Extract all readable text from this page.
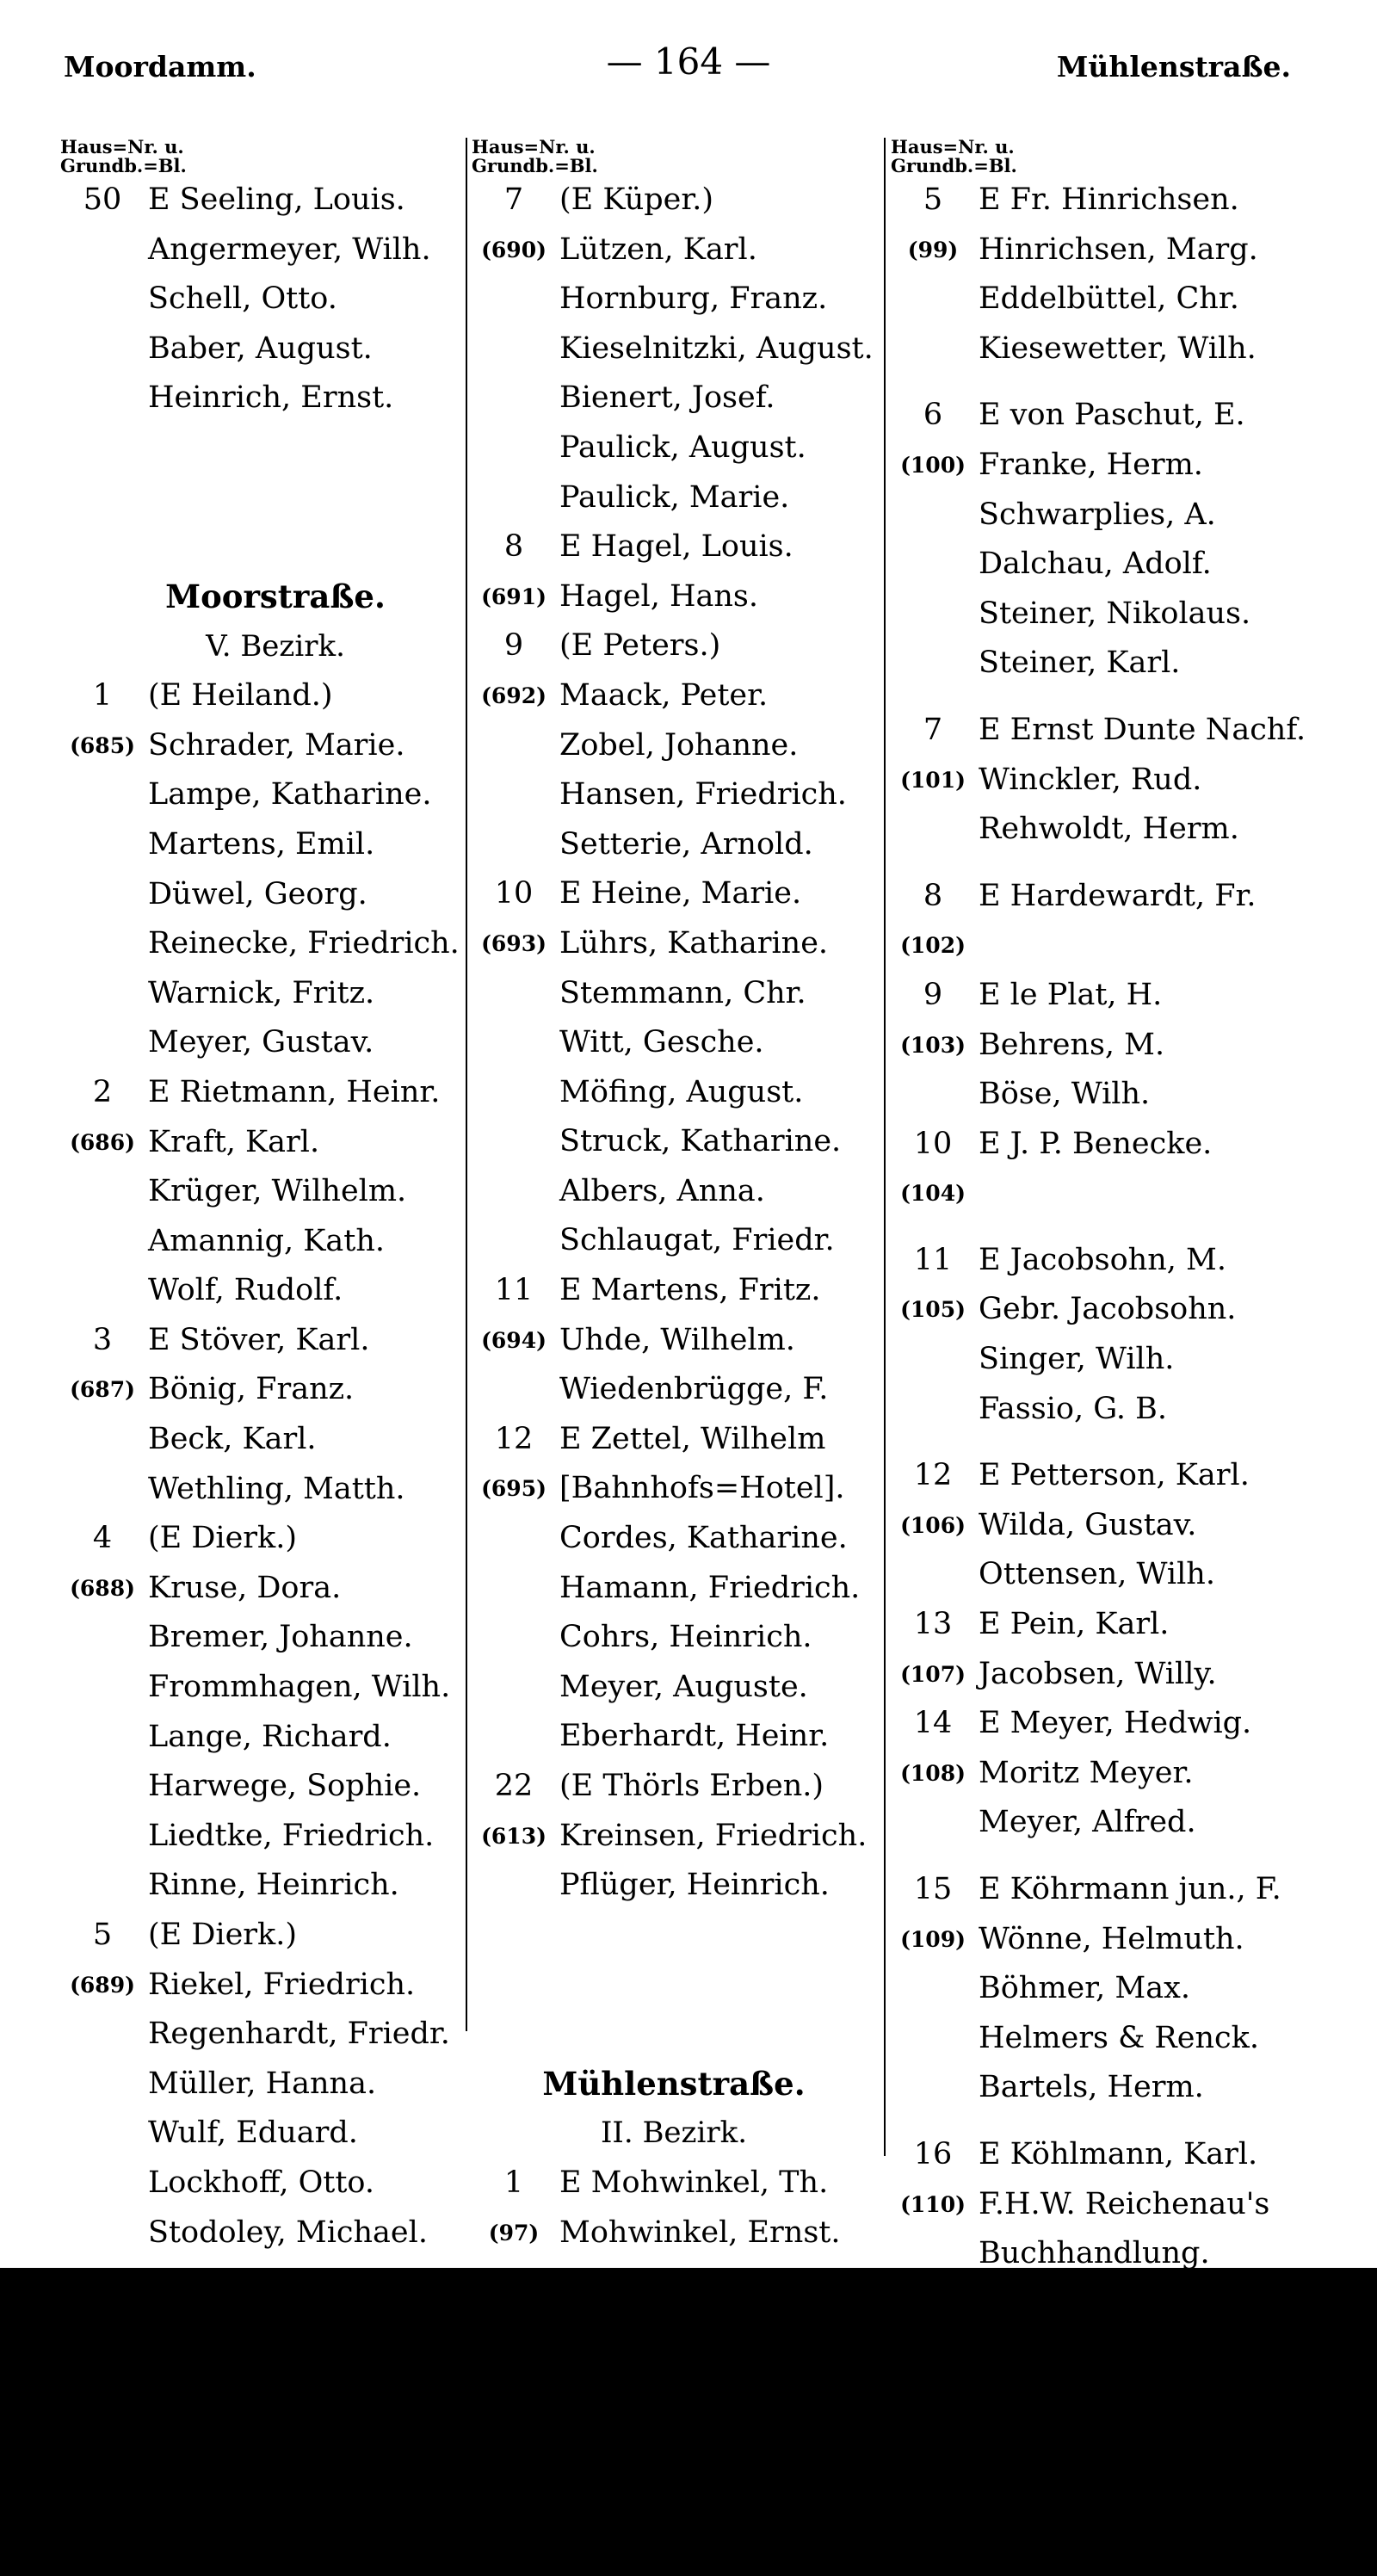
Moordamm.	— 164 —	Mühlenstraße.
Haus=Nr. u.
Grundb.=Bl.
50 E Seeling, Louis.
Angermeyer, Wilh.
Schell, Otto.
Baber, August.
Heinrich, Ernst.
Moorstraße.
V. Bezirk.
1	(E Heiland.)
(685) Schrader, Marie.
Lampe, Katharine.
Martens, Emil.
Düwel, Georg.
Reinecke, Friedrich.
Warnick, Fritz.
Meyer, Gustav.
2	E Rietmann, Heinr.
(686) Kraft, Karl.
Krüger, Wilhelm.
Amannig, Kath.
Wolf, Rudolf.
3	E Stöver, Karl.
(687) Bönig, Franz.
Beck, Karl.
Wethling, Matth.
4	(E Dierk.)
(688) Kruse, Dora.
Bremer, Johanne.
Frommhagen, Wilh.
Lange, Richard.
Harwege, Sophie.
Liedtke, Friedrich.
Rinne, Heinrich.
5	(E Dierk.)
(689) Riekel, Friedrich.
Regenhardt, Friedr.
Müller, Hanna.
Wulf, Eduard.
Lockhoff, Otto.
Stodoley, Michael.
Asbar, Barthold.
Gurkowski, Joh.
Seifert, Johann.
Paterhuber, August.
Haus=Nr. u.
Grundb.=Bl.
7	(E Küper.)
(690) Lützen, Karl.
Hornburg, Franz.
Kieselnitzki, August.
Bienert, Josef.
Paulick, August.
Paulick, Marie.
8	E Hagel, Louis.
(691) Hagel, Hans.
9	(E Peters.)
(692) Maack, Peter.
Zobel, Johanne.
Hansen, Friedrich.
Setterie, Arnold.
10 E Heine, Marie.
(693) Lührs, Katharine.
Stemmann, Chr.
Witt, Gesche.
Möfing, August.
Struck, Katharine.
Albers, Anna.
Schlaugat, Friedr.
11 E Martens, Fritz.
(694) Uhde, Wilhelm.
Wiedenbrügge, F.
12 E Zettel, Wilhelm
(695) [Bahnhofs=Hotel].
Cordes, Katharine.
Hamann, Friedrich.
Cohrs, Heinrich.
Meyer, Auguste.
Eberhardt, Heinr.
22 (E Thörls Erben.)
(613) Kreinsen, Friedrich.
Pflüger, Heinrich.
Mühlenstraße.
II. Bezirk.
1	E Mohwinkel, Th.
(97) Mohwinkel, Ernst.
2	E Thießen, Rud.
(98) Behsen, Heinr.
Rohde, Dorothea
Haus=Nr. u.
Grundb.=Bl.
5	E Fr. Hinrichsen.
(99) Hinrichsen, Marg.
Eddelbüttel, Chr.
Kiesewetter, Wilh.
6	E von Paschut, E.
(100) Franke, Herm.
Schwarplies, A.
Dalchau, Adolf.
Steiner, Nikolaus.
Steiner, Karl.
7	E Ernst Dunte Nachf.
(101) Winckler, Rud.
Rehwoldt, Herm.
8	E Hardewardt, Fr.
(102)
9	E le Plat, H.
(103) Behrens, M.
Böse, Wilh.
10 E J. P. Benecke.
(104)
11 E Jacobsohn, M.
(105) Gebr. Jacobsohn.
Singer, Wilh.
Fassio, G. B.
12 E Petterson, Karl.
(106) Wilda, Gustav.
Ottensen, Wilh.
13 E Pein, Karl.
(107) Jacobsen, Willy.
14 E Meyer, Hedwig.
(108) Moritz Meyer.
Meyer, Alfred.
15 E Köhrmann jun., F.
(109) Wönne, Helmuth.
Böhmer, Max.
Helmers & Renck.
Bartels, Herm.
16 E Köhlmann, Karl.
(110) F.H.W. Reichenau's
Buchhandlung.
17 (E Fassio.)
(111) [Neubau.]
18 E Carl u. Fr. Dunker.
(112) Dunker, H. J.
Dunker, Karl.
Dunker, Friedr.
